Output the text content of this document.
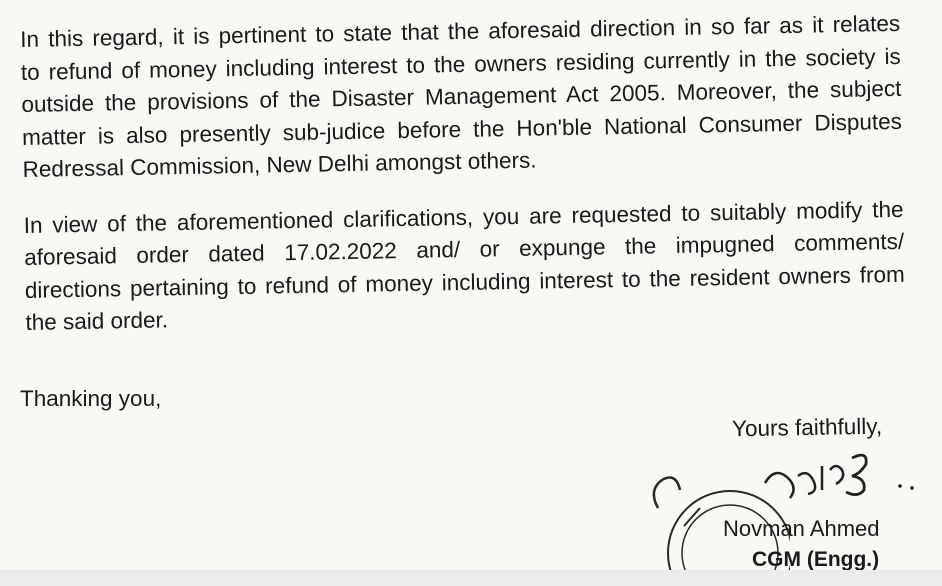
In this regard, it is pertinent to state that the aforesaid direction in so far as it relates
to refund of money including interest to the owners residing currently in the society is
outside the provisions of the Disaster Management Act 2005. Moreover, the subject
matter is also presently sub-judice before the Hon'ble National Consumer Disputes
Redressal Commission, New Delhi amongst others.
In view of the aforementioned clarifications, you are requested to suitably modify the
aforesaid order dated 17.02.2022 and/ or expunge the impugned comments/
directions pertaining to refund of money including interest to the resident owners from
the said order.
Thanking you,
Yours faithfully,
Novman Ahmed
CGM (Engg.)
